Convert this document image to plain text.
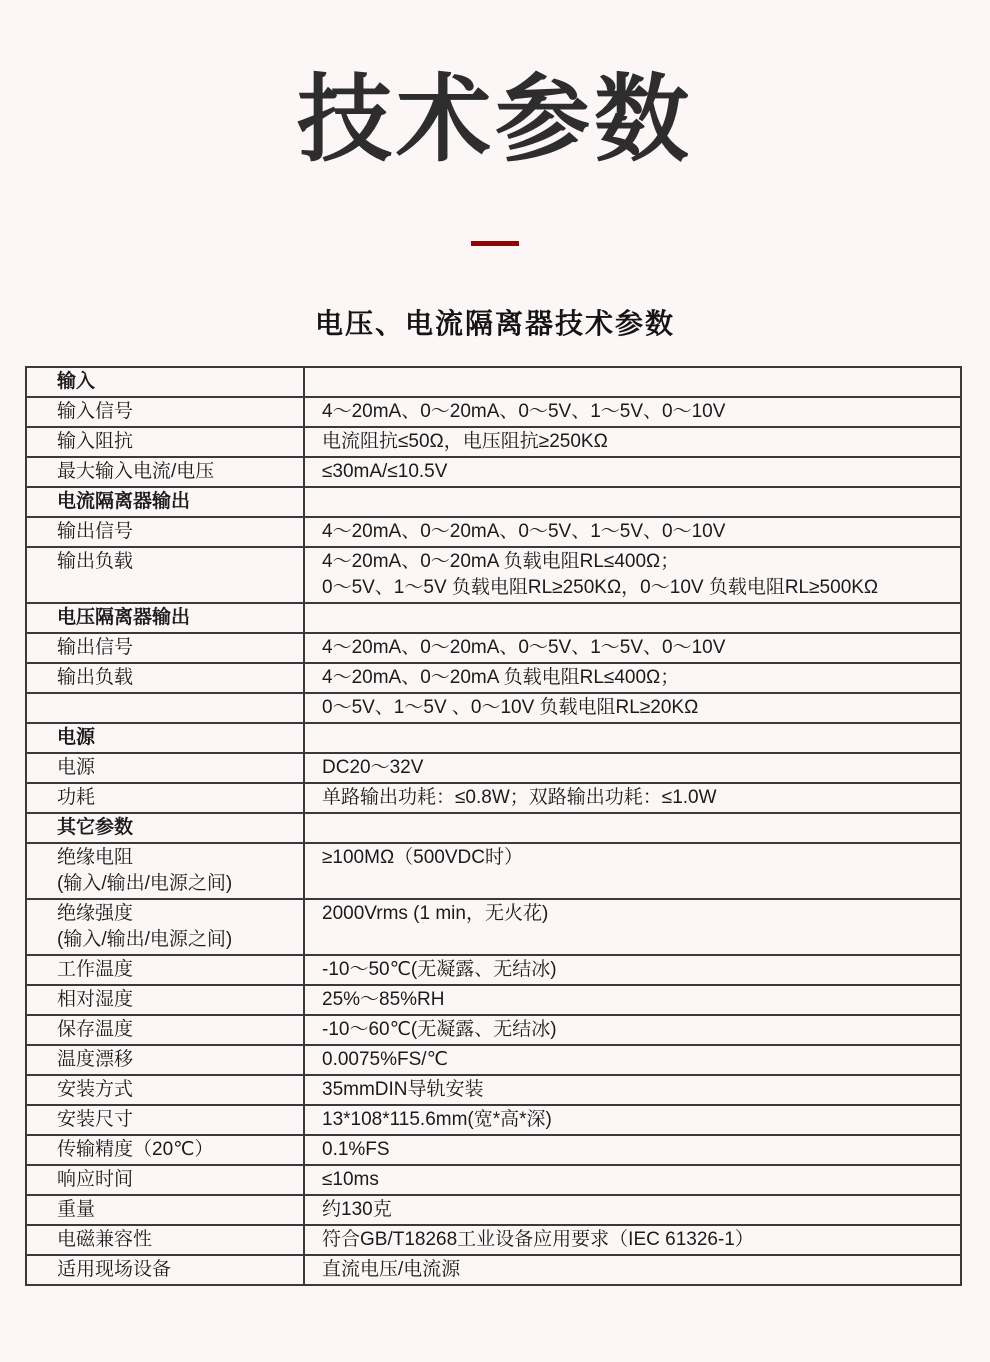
技术参数
电压、电流隔离器技术参数
输入	

输入信号	4～20mA、0～20mA、0～5V、1～5V、0～10V

输入阻抗	电流阻抗≤50Ω，电压阻抗≥250KΩ

最大输入电流/电压	≤30mA/≤10.5V

电流隔离器输出	

输出信号	4～20mA、0～20mA、0～5V、1～5V、0～10V

输出负载	4～20mA、0～20mA 负载电阻RL≤400Ω；
0～5V、1～5V 负载电阻RL≥250KΩ，0～10V 负载电阻RL≥500KΩ

电压隔离器输出	

输出信号	4～20mA、0～20mA、0～5V、1～5V、0～10V

输出负载	4～20mA、0～20mA 负载电阻RL≤400Ω；

	0～5V、1～5V 、0～10V 负载电阻RL≥20KΩ

电源	

电源	DC20～32V

功耗	单路输出功耗：≤0.8W；双路输出功耗：≤1.0W

其它参数	

绝缘电阻
(输入/输出/电源之间)	≥100MΩ（500VDC时）

绝缘强度
(输入/输出/电源之间)	2000Vrms (1 min，无火花)

工作温度	-10～50℃(无凝露、无结冰)

相对湿度	25%～85%RH

保存温度	-10～60℃(无凝露、无结冰)

温度漂移	0.0075%FS/℃

安装方式	35mmDIN导轨安装

安装尺寸	13*108*115.6mm(宽*高*深)

传输精度（20℃）	0.1%FS

响应时间	≤10ms

重量	约130克

电磁兼容性	符合GB/T18268工业设备应用要求（IEC 61326-1）

适用现场设备	直流电压/电流源
